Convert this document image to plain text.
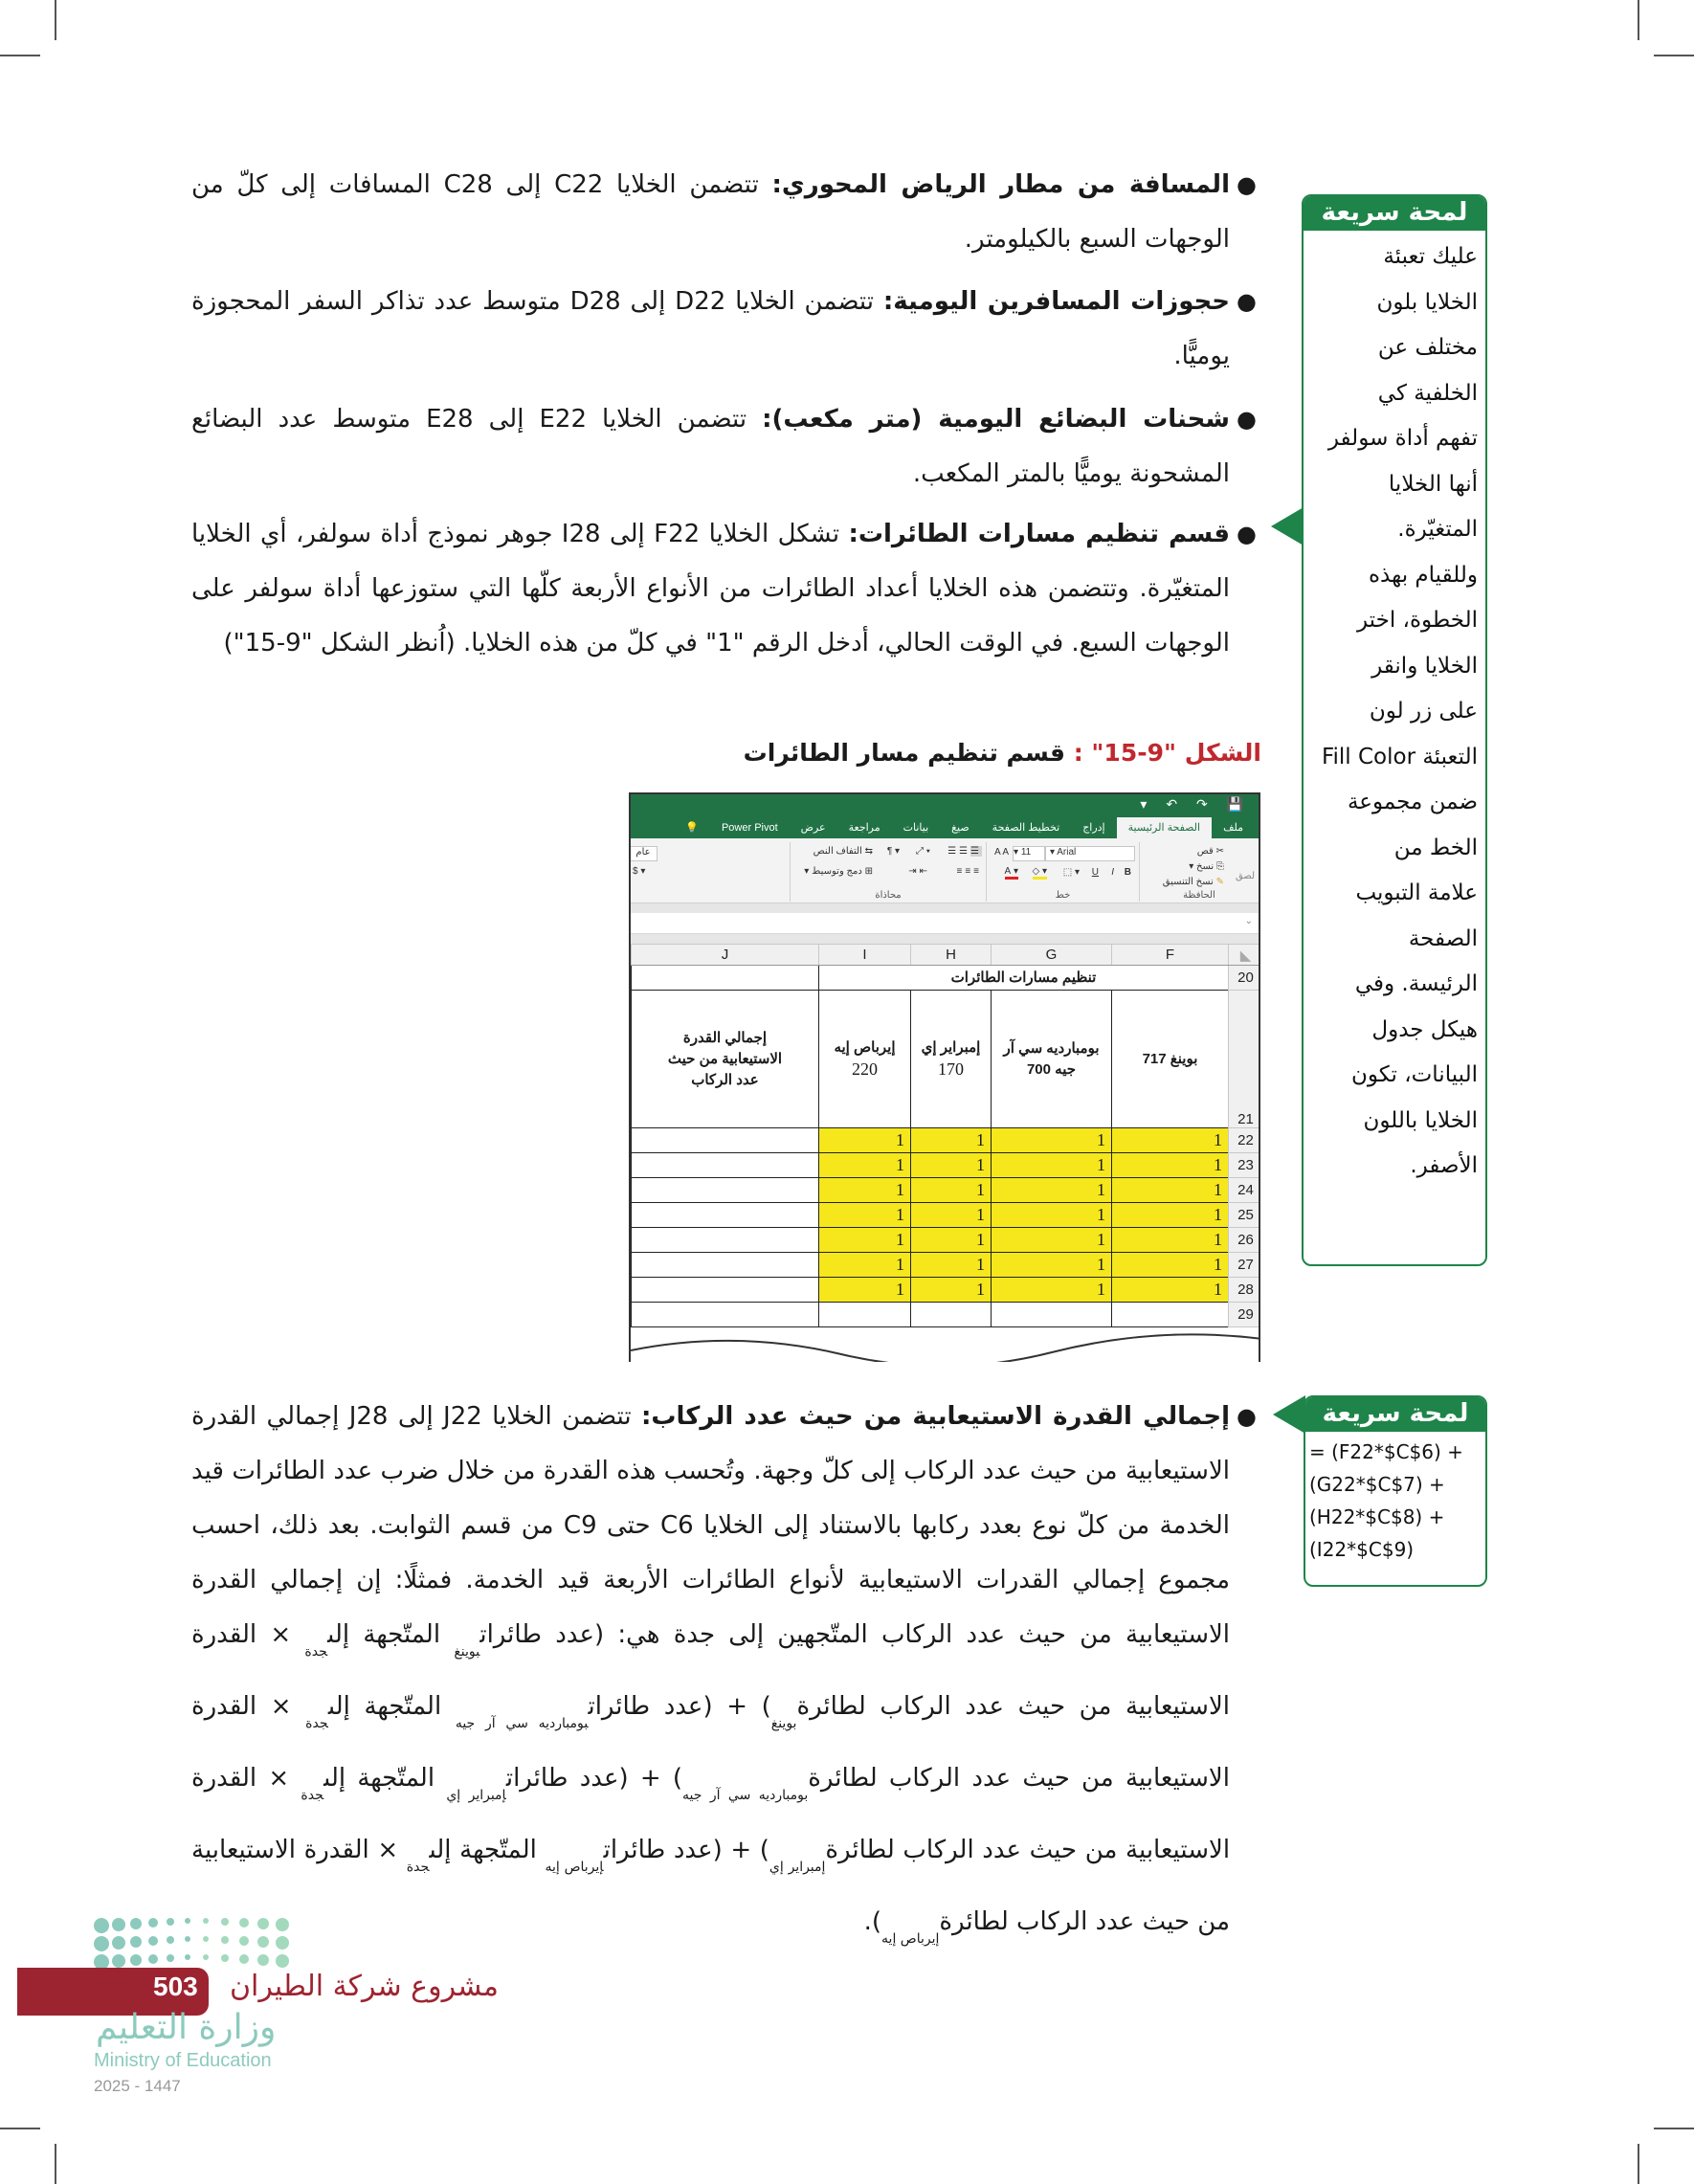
●
المسافة من مطار الرياض المحوري: تتضمن الخلايا C22 إلى C28 المسافات إلى كلّ من الوجهات السبع بالكيلومتر.
●
حجوزات المسافرين اليومية: تتضمن الخلايا D22 إلى D28 متوسط عدد تذاكر السفر المحجوزة يوميًّا.
●
شحنات البضائع اليومية (متر مكعب): تتضمن الخلايا E22 إلى E28 متوسط عدد البضائع المشحونة يوميًّا بالمتر المكعب.
●
قسم تنظيم مسارات الطائرات: تشكل الخلايا F22 إلى I28 جوهر نموذج أداة سولفر، أي الخلايا المتغيّرة. وتتضمن هذه الخلايا أعداد الطائرات من الأنواع الأربعة كلّها التي ستوزعها أداة سولفر على الوجهات السبع. في الوقت الحالي، أدخل الرقم "1" في كلّ من هذه الخلايا. (اُنظر الشكل "9-15")
لمحة سريعة
عليك تعبئة
الخلايا بلون
مختلف عن
الخلفية كي
تفهم أداة سولفر
أنها الخلايا
المتغيّرة.
وللقيام بهذه
الخطوة، اختر
الخلايا وانقر
على زر لون
التعبئة Fill Color
ضمن مجموعة
الخط من
علامة التبويب
الصفحة
الرئيسة. وفي
هيكل جدول
البيانات، تكون
الخلايا باللون
الأصفر.
الشكل "9-15" : قسم تنظيم مسار الطائرات
▾ ↶ ↷ 💾
ملف
الصفحة الرئيسية
إدراج
تخطيط الصفحة
صيغ
بيانات
مراجعة
عرض
Power Pivot
💡
لصق
✂ قص
⎘ نسخ ▾
✎ نسخ التنسيق
الحافظة
▾ Arial
▾ 11
A A
B
I
U
▾ ⬚
▾ ◇
▾ A
خط
☰☰☰
▾ ⤢
▾ ¶
⇆ التفاف النص
≡≡≡
⇤⇥
⊞ دمج وتوسيط ▾
محاذاة
عام
▾ $
⌄
◣	F	G	H	I	J
20	تنظيم مسارات الطائرات				
21	بوينغ 717	بومبارديه سي آر جيه 700	إمبراير إي
170	إيرباص إيه
220	إجمالي القدرة الاستيعابية من حيث عدد الركاب
22	1	1	1	1	
23	1	1	1	1	
24	1	1	1	1	
25	1	1	1	1	
26	1	1	1	1	
27	1	1	1	1	
28	1	1	1	1	
29					
●
إجمالي القدرة الاستيعابية من حيث عدد الركاب: تتضمن الخلايا J22 إلى J28 إجمالي القدرة الاستيعابية من حيث عدد الركاب إلى كلّ وجهة. وتُحسب هذه القدرة من خلال ضرب عدد الطائرات قيد الخدمة من كلّ نوع بعدد ركابها بالاستناد إلى الخلايا C6 حتى C9 من قسم الثوابت. بعد ذلك، احسب مجموع إجمالي القدرات الاستيعابية لأنواع الطائرات الأربعة قيد الخدمة. فمثلًا: إن إجمالي القدرة الاستيعابية من حيث عدد الركاب المتّجهين إلى جدة هي: (عدد طائرات$_{بوينغ}$ المتّجهة إلى$_{جدة}$ × القدرة الاستيعابية من حيث عدد الركاب لطائرة$_{بوينغ}$) + (عدد طائرات$_{بومبارديه سي آر جيه}$ المتّجهة إلى$_{جدة}$ × القدرة الاستيعابية من حيث عدد الركاب لطائرة$_{بومبارديه سي آر جيه}$) + (عدد طائرات$_{إمبراير إي}$ المتّجهة إلى$_{جدة}$ × القدرة الاستيعابية من حيث عدد الركاب لطائرة$_{إمبراير إي}$) + (عدد طائرات$_{إيرباص إيه}$ المتّجهة إلى$_{جدة}$ × القدرة الاستيعابية من حيث عدد الركاب لطائرة$_{إيرباص إيه}$).
لمحة سريعة
= (F22*$C$6) +
(G22*$C$7) +
(H22*$C$8) +
(I22*$C$9)
503 مشروع شركة الطيران
وزارة التعليم
Ministry of Education
2025 - 1447
